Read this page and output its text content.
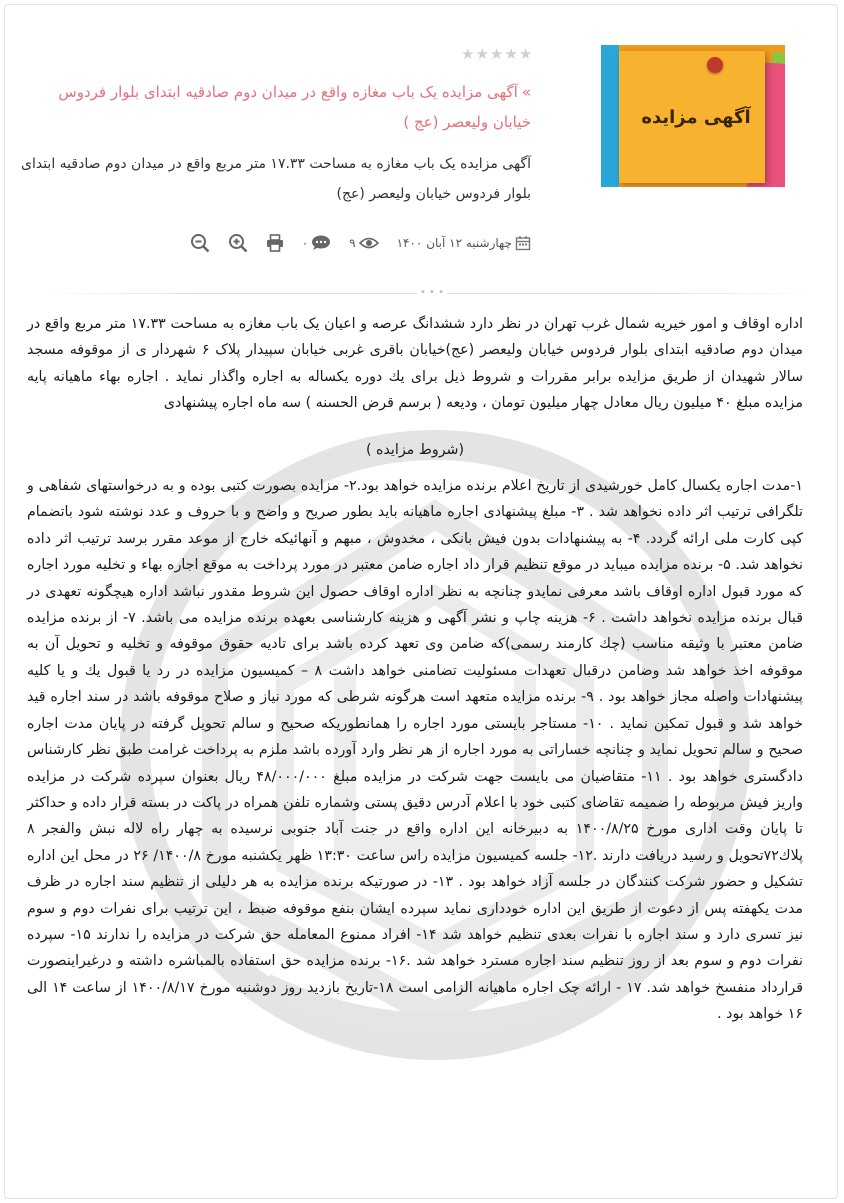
آگهی مزایده
★★★★★
»آگهی مزایده یک باب مغازه واقع در میدان دوم صادقیه ابتدای بلوار فردوس خیابان ولیعصر (عج )
آگهی مزایده یک باب مغازه به مساحت ۱۷.۳۳ متر مربع واقع در میدان دوم صادقیه ابتدای بلوار فردوس خیابان ولیعصر (عج)
چهارشنبه ۱۲ آبان ۱۴۰۰
۹
۰
• • •

اداره اوقاف و امور خیریه شمال غرب تهران در نظر دارد ششدانگ عرصه و اعیان یک باب مغازه به مساحت ۱۷.۳۳ متر مربع واقع در میدان دوم صادقیه ابتدای بلوار فردوس خیابان ولیعصر (عج)خیابان باقری غربی خیابان سپیدار پلاک ۶ شهردار ی از موقوفه مسجد سالار شهیدان از طریق مزایده برابر مقررات و شروط ذیل برای یك دوره یكساله به اجاره واگذار نماید . اجاره بهاء ماهیانه پایه مزایده مبلغ ۴۰ میلیون ریال معادل چهار میلیون تومان ، ودیعه ( برسم قرض الحسنه ) سه ماه اجاره پیشنهادی

(شروط مزایده )

۱-مدت اجاره یكسال كامل خورشیدی از تاریخ اعلام برنده مزایده خواهد بود.۲- مزایده بصورت كتبی بوده و به درخواستهای شفاهی و تلگرافی ترتیب اثر داده نخواهد شد . ۳- مبلغ پیشنهادی اجاره ماهیانه باید بطور صریح و واضح و با حروف و عدد نوشته شود باتضمام کپی کارت ملی ارائه گردد. ۴- به پیشنهادات بدون فیش بانكی ، مخدوش ، مبهم و آنهائیكه خارج از موعد مقرر برسد ترتیب اثر داده نخواهد شد. ۵- برنده مزایده میباید در موقع تنظیم قرار داد اجاره ضامن معتبر در مورد پرداخت به موقع اجاره بهاء و تخلیه مورد اجاره كه مورد قبول اداره اوقاف باشد معرفی نمایدو چنانچه به نظر اداره اوقاف حصول این شروط مقدور نباشد اداره هیچگونه تعهدی در قبال برنده مزایده نخواهد داشت . ۶- هزینه چاپ و نشر آگهی و هزینه كارشناسی بعهده برنده مزایده می باشد. ۷- از برنده مزایده ضامن معتبر با وثیقه مناسب (چك كارمند رسمی)كه ضامن وی تعهد كرده باشد برای تادیه حقوق موقوفه و تخلیه و تحویل آن به موقوفه اخذ خواهد شد وضامن درقبال تعهدات مسئولیت تضامنی خواهد داشت ۸ – كمیسیون مزایده در رد یا قبول یك و یا كلیه پیشنهادات واصله مجاز خواهد بود . ۹- برنده مزایده متعهد است هرگونه شرطی كه مورد نیاز و صلاح موقوفه باشد در سند اجاره قید خواهد شد و قبول تمكین نماید . ۱۰- مستاجر بایستی مورد اجاره را همانطوریكه صحیح و سالم تحویل گرفته در پایان مدت اجاره صحیح و سالم تحویل نماید و چنانچه خساراتی به مورد اجاره از هر نظر وارد آورده باشد ملزم به پرداخت غرامت طبق نظر كارشناس دادگستری خواهد بود . ۱۱- متقاضیان می بایست جهت شركت در مزایده مبلغ ۴۸/۰۰۰/۰۰۰ ریال بعنوان سپرده شركت در مزایده واریز فیش مربوطه را ضمیمه تقاضای كتبی خود با اعلام آدرس دقیق پستی وشماره تلفن همراه در پاكت در بسته قرار داده و حداكثر تا پایان وقت اداری مورخ ۱۴۰۰/۸/۲۵ به دبیرخانه این اداره واقع در جنت آباد جنوبی نرسیده به چهار راه لاله نبش والفجر ۸ پلاك۷۲تحویل و رسید دریافت دارند .۱۲- جلسه كمیسیون مزایده راس ساعت ۱۳:۳۰ ظهر یكشنبه مورخ ۱۴۰۰/۸/ ۲۶ در محل این اداره تشكیل و حضور شركت كنندگان در جلسه آزاد خواهد بود . ۱۳- در صورتیكه برنده مزایده به هر دلیلی از تنظیم سند اجاره در ظرف مدت یكهفته پس از دعوت از طریق این اداره خودداری نماید سپرده ایشان بنفع موقوفه ضبط ، این ترتیب برای نفرات دوم و سوم نیز تسری دارد و سند اجاره با نفرات بعدی تنظیم خواهد شد ۱۴- افراد ممنوع المعامله حق شركت در مزایده را ندارند ۱۵- سپرده نفرات دوم و سوم بعد از روز تنظیم سند اجاره مسترد خواهد شد .۱۶- برنده مزایده حق استفاده بالمباشره داشته و درغیراینصورت قرارداد منفسخ خواهد شد. ۱۷ - ارائه چک اجاره ماهیانه الزامی است ۱۸-تاریخ بازدید روز دوشنبه مورخ ۱۴۰۰/۸/۱۷ از ساعت ۱۴ الی ۱۶ خواهد بود .
